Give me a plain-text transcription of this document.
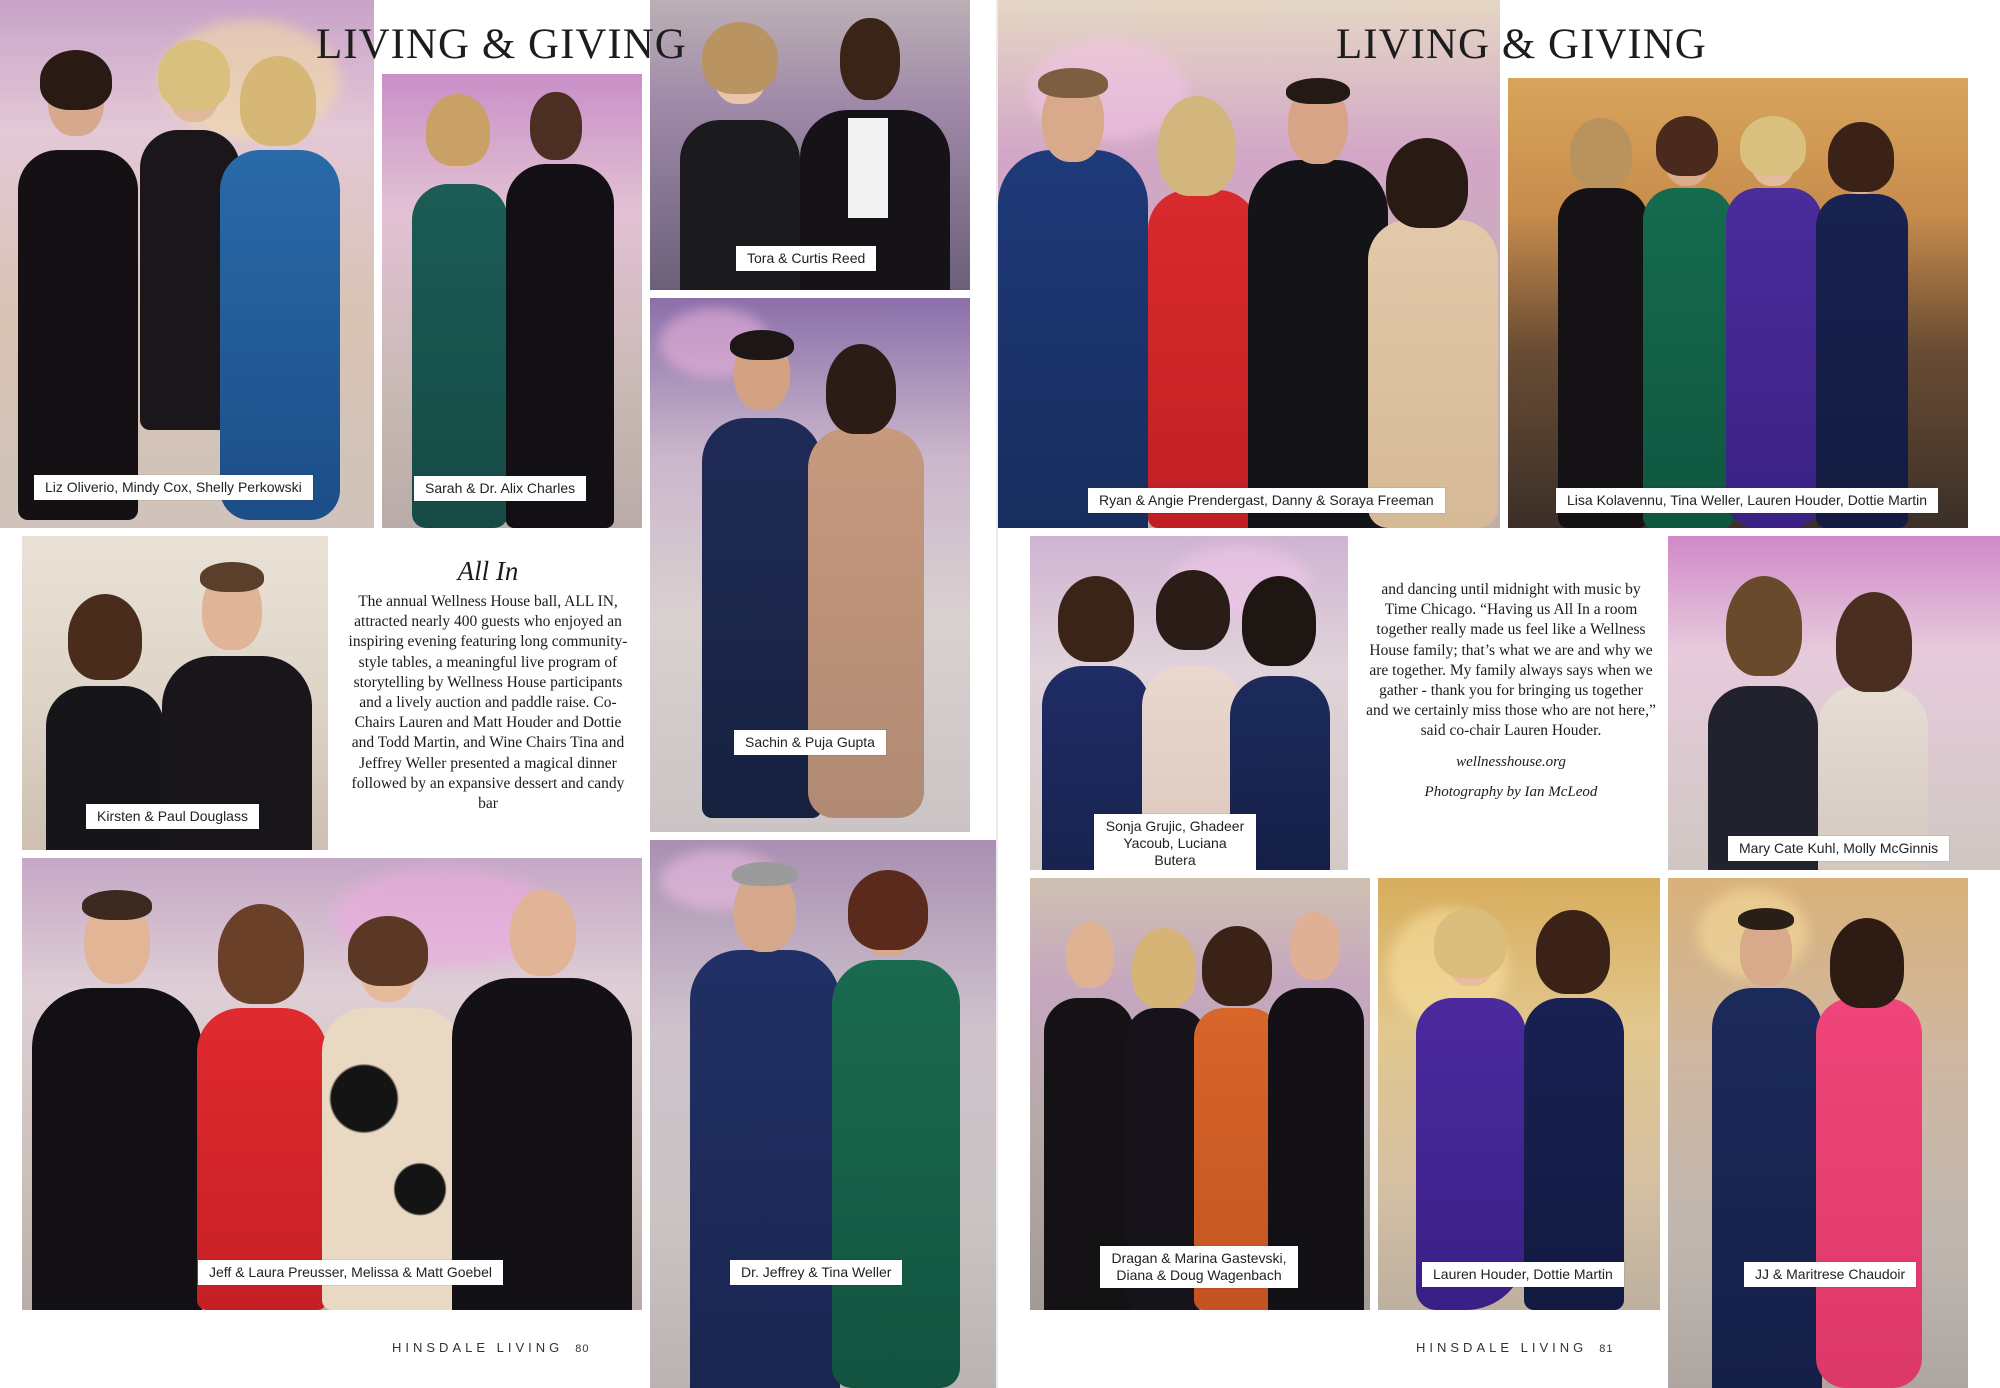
Liz Oliverio, Mindy Cox, Shelly Perkowski	Sarah & Dr. Alix Charles
Tora & Curtis Reed
Sachin & Puja Gupta
Kirsten & Paul Douglass
All In
The annual Wellness House ball, ALL IN, attracted nearly 400 guests who enjoyed an inspiring evening featuring long community-style tables, a meaningful live program of storytelling by Wellness House participants and a lively auction and paddle raise. Co-Chairs Lauren and Matt Houder and Dottie and Todd Martin, and Wine Chairs Tina and Jeffrey Weller presented a magical dinner followed by an expansive dessert and candy bar
Jeff & Laura Preusser, Melissa & Matt Goebel	Dr. Jeffrey & Tina Weller
LIVING & GIVING
HINSDALE LIVING 80
Ryan & Angie Prendergast, Danny & Soraya Freeman	Lisa Kolavennu, Tina Weller, Lauren Houder, Dottie Martin
Sonja Grujic, Ghadeer Yacoub, Luciana Butera
and dancing until midnight with music by Time Chicago. “Having us All In a room together really made us feel like a Wellness House family; that’s what we are and why we are together. My family always says when we gather - thank you for bringing us together and we certainly miss those who are not here,” said co-chair Lauren Houder.
wellnesshouse.org
Photography by Ian McLeod
Mary Cate Kuhl, Molly McGinnis
Dragan & Marina Gastevski, Diana & Doug Wagenbach	Lauren Houder, Dottie Martin	JJ & Maritrese Chaudoir
LIVING & GIVING
HINSDALE LIVING 81
